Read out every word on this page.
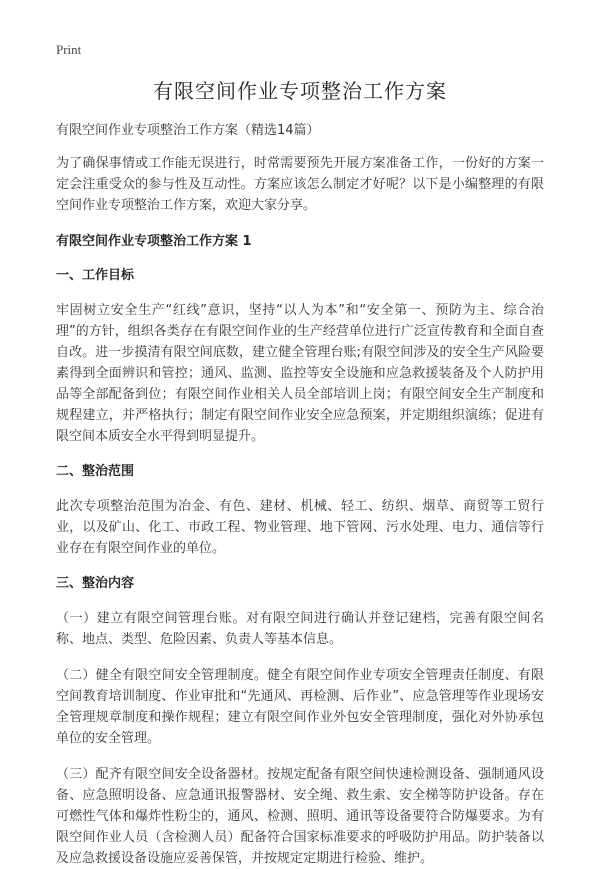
Print
有限空间作业专项整治工作方案

有限空间作业专项整治工作方案（精选14篇）

为了确保事情或工作能无误进行，时常需要预先开展方案准备工作，一份好的方案一定会注重受众的参与性及互动性。方案应该怎么制定才好呢？以下是小编整理的有限空间作业专项整治工作方案，欢迎大家分享。

有限空间作业专项整治工作方案 1
一、工作目标

牢固树立安全生产“红线”意识，坚持“以人为本”和“安全第一、预防为主、综合治理”的方针，组织各类存在有限空间作业的生产经营单位进行广泛宣传教育和全面自查自改。进一步摸清有限空间底数，建立健全管理台账;有限空间涉及的安全生产风险要素得到全面辨识和管控；通风、监测、监控等安全设施和应急救援装备及个人防护用品等全部配备到位；有限空间作业相关人员全部培训上岗；有限空间安全生产制度和规程建立，并严格执行；制定有限空间作业安全应急预案，并定期组织演练；促进有限空间本质安全水平得到明显提升。

二、整治范围

此次专项整治范围为冶金、有色、建材、机械、轻工、纺织、烟草、商贸等工贸行业，以及矿山、化工、市政工程、物业管理、地下管网、污水处理、电力、通信等行业存在有限空间作业的单位。

三、整治内容

（一）建立有限空间管理台账。对有限空间进行确认并登记建档，完善有限空间名称、地点、类型、危险因素、负责人等基本信息。

（二）健全有限空间安全管理制度。健全有限空间作业专项安全管理责任制度、有限空间教育培训制度、作业审批和“先通风、再检测、后作业”、应急管理等作业现场安全管理规章制度和操作规程；建立有限空间作业外包安全管理制度，强化对外协承包单位的安全管理。

（三）配齐有限空间安全设备器材。按规定配备有限空间快速检测设备、强制通风设备、应急照明设备、应急通讯报警器材、安全绳、救生索、安全梯等防护设备。存在可燃性气体和爆炸性粉尘的，通风、检测、照明、通讯等设备要符合防爆要求。为有限空间作业人员（含检测人员）配备符合国家标准要求的呼吸防护用品。防护装备以及应急救援设备设施应妥善保管，并按规定定期进行检验、维护。
